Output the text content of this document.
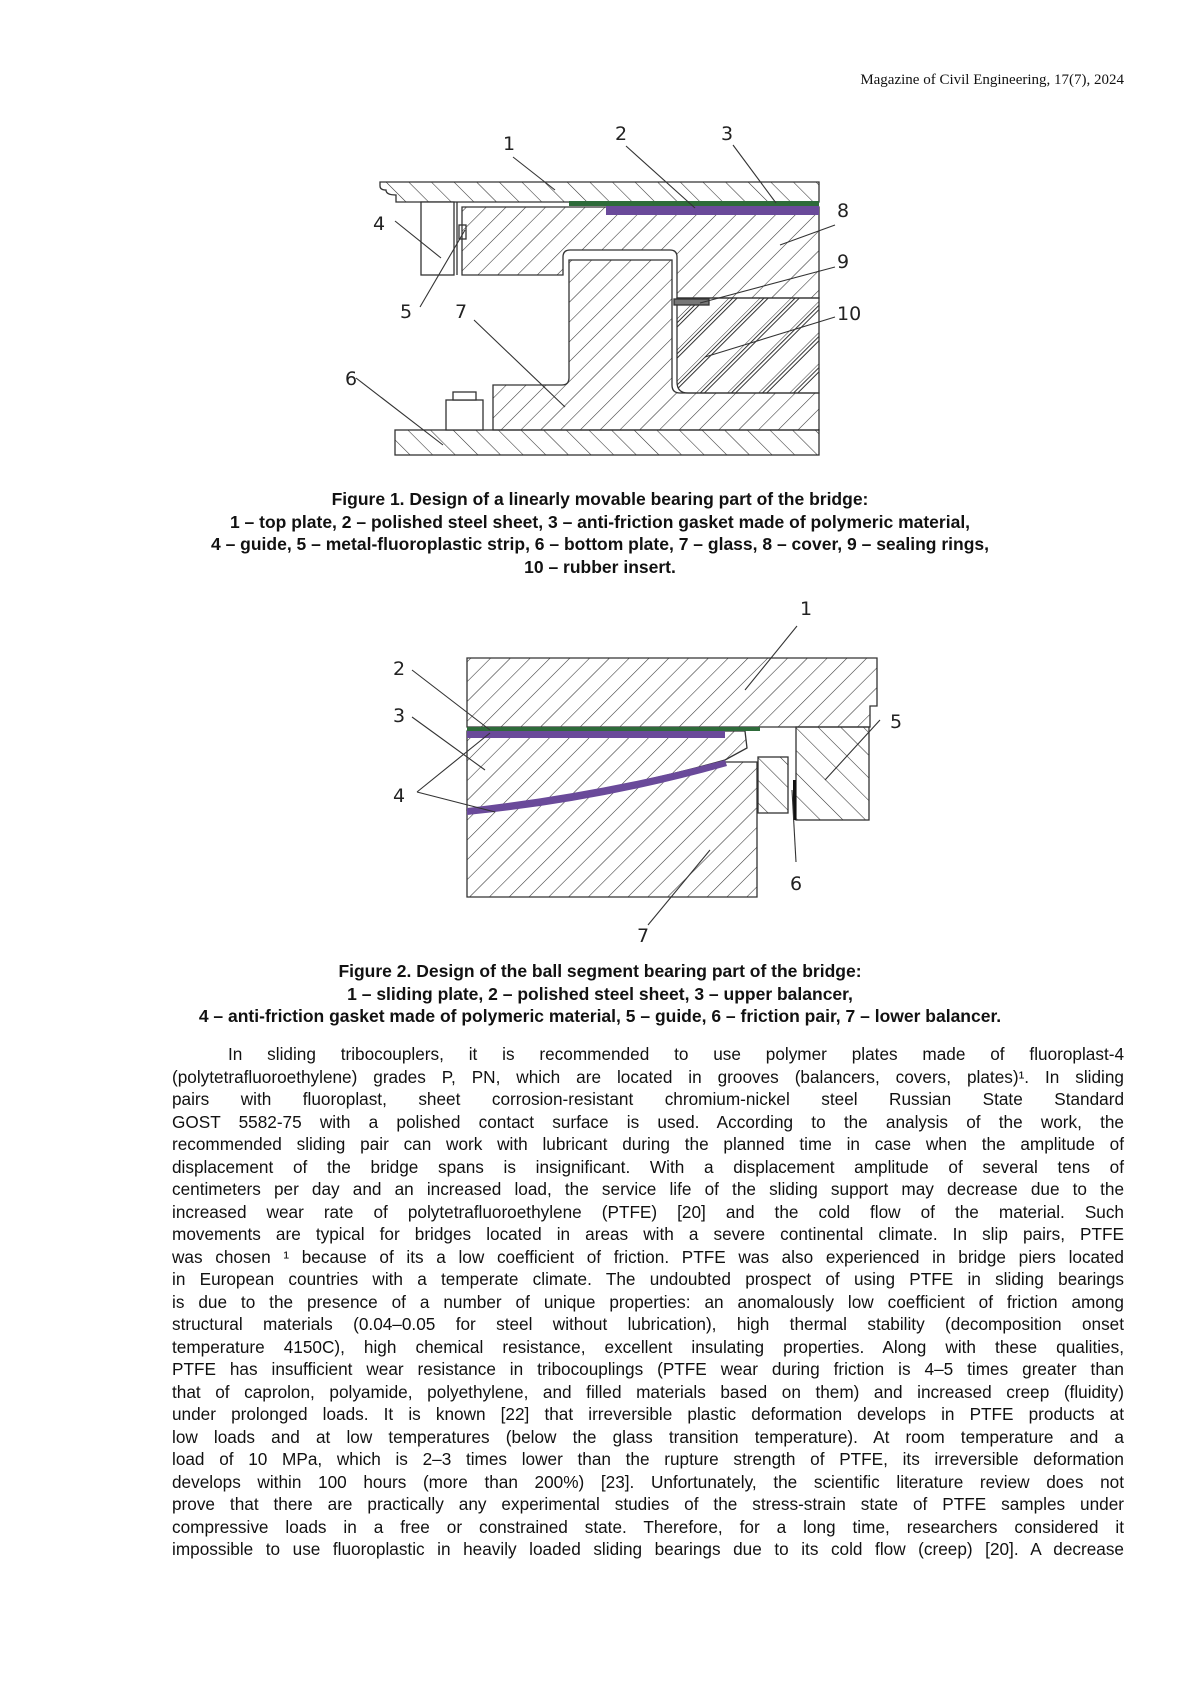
Magazine of Civil Engineering, 17(7), 2024
1	2	3
4
5
6
7
8
9
10
Figure 1. Design of a linearly movable bearing part of the bridge:
1 – top plate, 2 – polished steel sheet, 3 – anti-friction gasket made of polymeric material,
4 – guide, 5 – metal-fluoroplastic strip, 6 – bottom plate, 7 – glass, 8 – cover, 9 – sealing rings,
10 – rubber insert.
1
2
3
4
5
6
7
Figure 2. Design of the ball segment bearing part of the bridge:
1 – sliding plate, 2 – polished steel sheet, 3 – upper balancer,
4 – anti-friction gasket made of polymeric material, 5 – guide, 6 – friction pair, 7 – lower balancer.
In sliding tribocouplers, it is recommended to use polymer plates made of fluoroplast-4
(polytetrafluoroethylene) grades P, PN, which are located in grooves (balancers, covers, plates)¹. In sliding
pairs with fluoroplast, sheet corrosion-resistant chromium-nickel steel Russian State Standard
GOST 5582-75 with a polished contact surface is used. According to the analysis of the work, the
recommended sliding pair can work with lubricant during the planned time in case when the amplitude of
displacement of the bridge spans is insignificant. With a displacement amplitude of several tens of
centimeters per day and an increased load, the service life of the sliding support may decrease due to the
increased wear rate of polytetrafluoroethylene (PTFE) [20] and the cold flow of the material. Such
movements are typical for bridges located in areas with a severe continental climate. In slip pairs, PTFE
was chosen ¹ because of its a low coefficient of friction. PTFE was also experienced in bridge piers located
in European countries with a temperate climate. The undoubted prospect of using PTFE in sliding bearings
is due to the presence of a number of unique properties: an anomalously low coefficient of friction among
structural materials (0.04–0.05 for steel without lubrication), high thermal stability (decomposition onset
temperature 4150C), high chemical resistance, excellent insulating properties. Along with these qualities,
PTFE has insufficient wear resistance in tribocouplings (PTFE wear during friction is 4–5 times greater than
that of caprolon, polyamide, polyethylene, and filled materials based on them) and increased creep (fluidity)
under prolonged loads. It is known [22] that irreversible plastic deformation develops in PTFE products at
low loads and at low temperatures (below the glass transition temperature). At room temperature and a
load of 10 MPa, which is 2–3 times lower than the rupture strength of PTFE, its irreversible deformation
develops within 100 hours (more than 200%) [23]. Unfortunately, the scientific literature review does not
prove that there are practically any experimental studies of the stress-strain state of PTFE samples under
compressive loads in a free or constrained state. Therefore, for a long time, researchers considered it
impossible to use fluoroplastic in heavily loaded sliding bearings due to its cold flow (creep) [20]. A decrease
